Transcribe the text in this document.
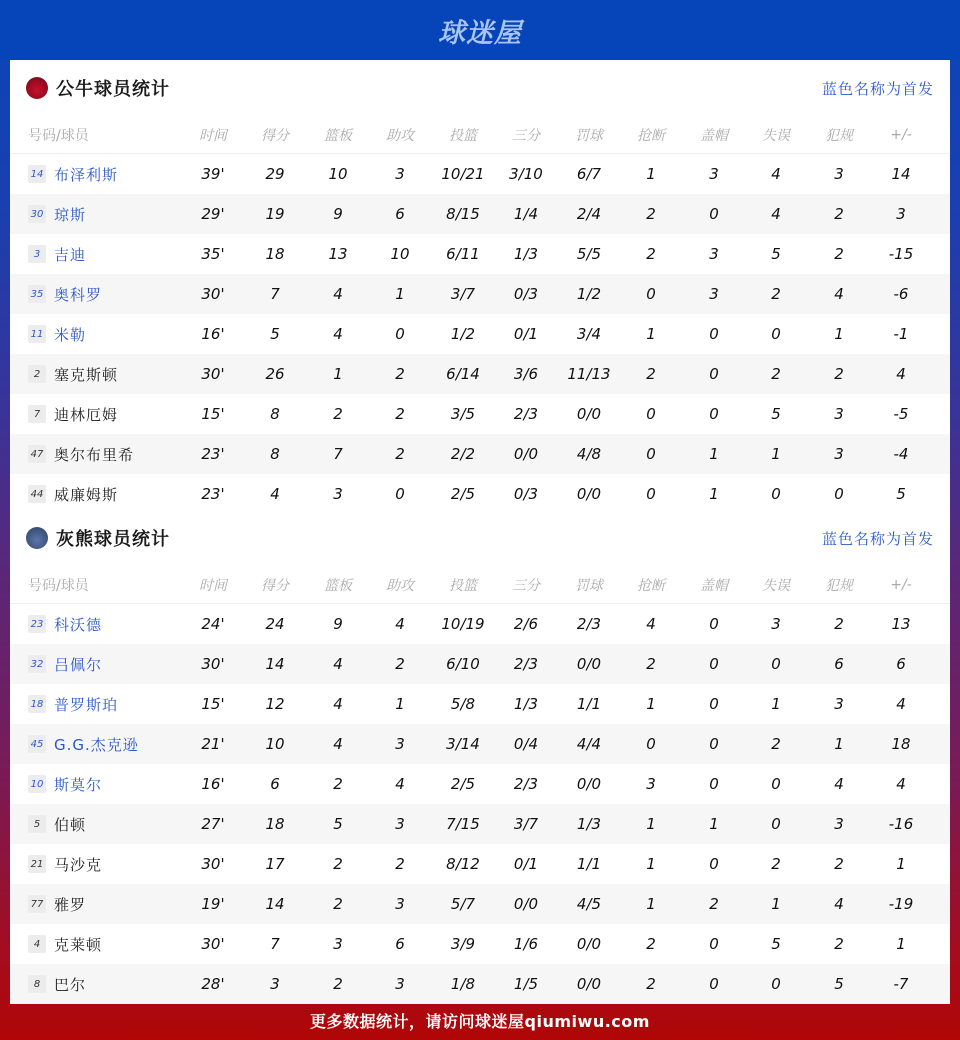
球迷屋
公牛球员统计	蓝色名称为首发
号码/球员	时间	得分	篮板	助攻	投篮	三分	罚球	抢断	盖帽	失误	犯规	+/-
14 布泽利斯	39'	29	10	3	10/21	3/10	6/7	1	3	4	3	14
30 琼斯	29'	19	9	6	8/15	1/4	2/4	2	0	4	2	3
3 吉迪	35'	18	13	10	6/11	1/3	5/5	2	3	5	2	-15
35 奥科罗	30'	7	4	1	3/7	0/3	1/2	0	3	2	4	-6
11 米勒	16'	5	4	0	1/2	0/1	3/4	1	0	0	1	-1
2 塞克斯顿	30'	26	1	2	6/14	3/6	11/13	2	0	2	2	4
7 迪林厄姆	15'	8	2	2	3/5	2/3	0/0	0	0	5	3	-5
47 奥尔布里希	23'	8	7	2	2/2	0/0	4/8	0	1	1	3	-4
44 威廉姆斯	23'	4	3	0	2/5	0/3	0/0	0	1	0	0	5
灰熊球员统计	蓝色名称为首发
号码/球员	时间	得分	篮板	助攻	投篮	三分	罚球	抢断	盖帽	失误	犯规	+/-
23 科沃德	24'	24	9	4	10/19	2/6	2/3	4	0	3	2	13
32 吕佩尔	30'	14	4	2	6/10	2/3	0/0	2	0	0	6	6
18 普罗斯珀	15'	12	4	1	5/8	1/3	1/1	1	0	1	3	4
45 G.G.杰克逊	21'	10	4	3	3/14	0/4	4/4	0	0	2	1	18
10 斯莫尔	16'	6	2	4	2/5	2/3	0/0	3	0	0	4	4
5 伯顿	27'	18	5	3	7/15	3/7	1/3	1	1	0	3	-16
21 马沙克	30'	17	2	2	8/12	0/1	1/1	1	0	2	2	1
77 雅罗	19'	14	2	3	5/7	0/0	4/5	1	2	1	4	-19
4 克莱顿	30'	7	3	6	3/9	1/6	0/0	2	0	5	2	1
8 巴尔	28'	3	2	3	1/8	1/5	0/0	2	0	0	5	-7
更多数据统计，请访问球迷屋qiumiwu.com
